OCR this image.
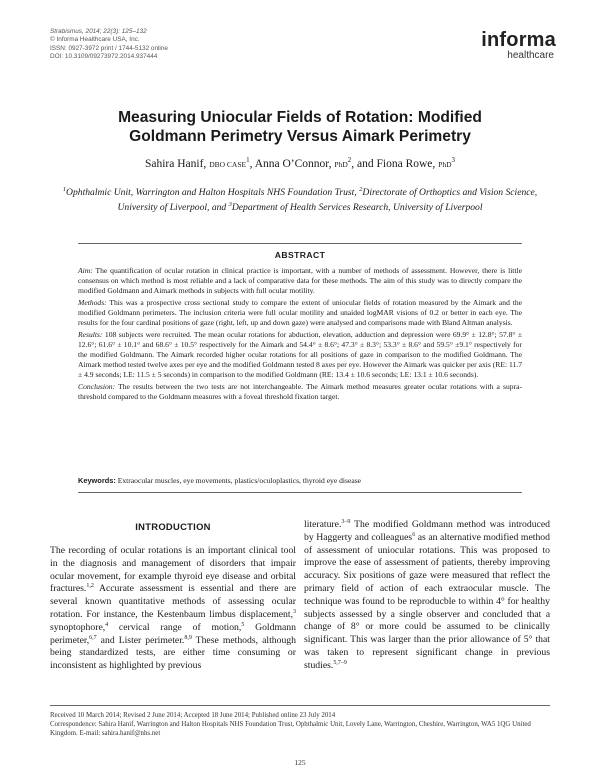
Strabismus, 2014; 22(3): 125–132
© Informa Healthcare USA, Inc.
ISSN: 0927-3972 print / 1744-5132 online
DOI: 10.3109/09273972.2014.937444
informa
healthcare
Measuring Uniocular Fields of Rotation: Modified
Goldmann Perimetry Versus Aimark Perimetry
Sahira Hanif, DBO CASE$^1$, Anna O’Connor, PhD$^2$, and Fiona Rowe, PhD$^3$
$^1$Ophthalmic Unit, Warrington and Halton Hospitals NHS Foundation Trust, $^2$Directorate of Orthoptics and Vision Science, University of Liverpool, and $^3$Department of Health Services Research, University of Liverpool
ABSTRACT

Aim: The quantification of ocular rotation in clinical practice is important, with a number of methods of assessment. However, there is little consensus on which method is most reliable and a lack of comparative data for these methods. The aim of this study was to directly compare the modified Goldmann and Aimark methods in subjects with full ocular motility.

Methods: This was a prospective cross sectional study to compare the extent of uniocular fields of rotation measured by the Aimark and the modified Goldmann perimeters. The inclusion criteria were full ocular motility and unaided logMAR visions of 0.2 or better in each eye. The results for the four cardinal positions of gaze (right, left, up and down gaze) were analysed and comparisons made with Bland Altman analysis.

Results: 108 subjects were recruited. The mean ocular rotations for abduction, elevation, adduction and depression were 69.9° ± 12.8°; 57.8° ± 12.6°; 61.6° ± 10.1° and 68.6° ± 10.5° respectively for the Aimark and 54.4° ± 8.6°; 47.3° ± 8.3°; 53.3° ± 8.6° and 59.5° ±9.1° respectively for the modified Goldmann. The Aimark recorded higher ocular rotations for all positions of gaze in comparison to the modified Goldmann. The Aimark method tested twelve axes per eye and the modified Goldmann tested 8 axes per eye. However the Aimark was quicker per axis (RE: 11.7 ± 4.9 seconds; LE: 11.5 ± 5 seconds) in comparison to the modified Goldmann (RE: 13.4 ± 10.6 seconds; LE: 13.1 ± 10.6 seconds).

Conclusion: The results between the two tests are not interchangeable. The Aimark method measures greater ocular rotations with a supra-threshold compared to the Goldmann measures with a foveal threshold fixation target.

Keywords: Extraocular muscles, eye movements, plastics/oculoplastics, thyroid eye disease
INTRODUCTION
The recording of ocular rotations is an important clinical tool in the diagnosis and management of disorders that impair ocular movement, for example thyroid eye disease and orbital fractures.$^{1,2}$ Accurate assessment is essential and there are several known quantitative methods of assessing ocular rotation. For instance, the Kestenbaum limbus displacement,$^3$ synoptophore,$^4$ cervical range of motion,$^5$ Goldmann perimeter,$^{6,7}$ and Lister perimeter.$^{8,9}$ These methods, although being standardized tests, are either time consuming or inconsistent as highlighted by previous
literature.$^{3-9}$ The modified Goldmann method was introduced by Haggerty and colleagues$^6$ as an alternative modified method of assessment of uniocular rotations. This was proposed to improve the ease of assessment of patients, thereby improving accuracy. Six positions of gaze were measured that reflect the primary field of action of each extraocular muscle. The technique was found to be reproducble to within 4° for healthy subjects assessed by a single observer and concluded that a change of 8° or more could be assumed to be clinically significant. This was larger than the prior allowance of 5° that was taken to represent significant change in previous studies.$^{5,7-9}$
Received 10 March 2014; Revised 2 June 2014; Accepted 18 June 2014; Published online 23 July 2014
Correspondence: Sahira Hanif, Warrington and Halton Hospitals NHS Foundation Trust, Ophthalmic Unit, Lovely Lane, Warrington, Cheshire, Warrington, WA5 1QG United Kingdom. E-mail: sahira.hanif@nhs.net
125
